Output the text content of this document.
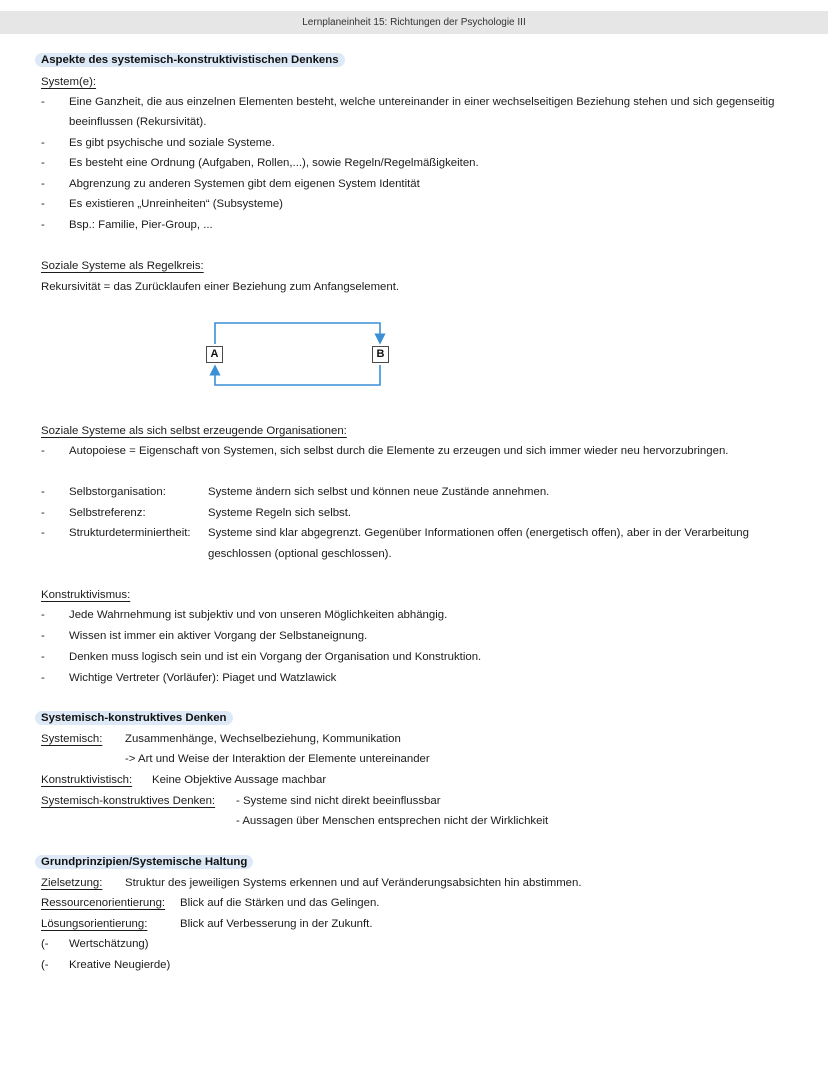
Lernplaneinheit 15: Richtungen der Psychologie III
Aspekte des systemisch-konstruktivistischen Denkens
System(e):
- Eine Ganzheit, die aus einzelnen Elementen besteht, welche untereinander in einer wechselseitigen Beziehung stehen und sich gegenseitig
beeinflussen (Rekursivität).
- Es gibt psychische und soziale Systeme.
- Es besteht eine Ordnung (Aufgaben, Rollen,...), sowie Regeln/Regelmäßigkeiten.
- Abgrenzung zu anderen Systemen gibt dem eigenen System Identität
- Es existieren „Unreinheiten“ (Subsysteme)
- Bsp.: Familie, Pier-Group, ...
Soziale Systeme als Regelkreis:
Rekursivität = das Zurücklaufen einer Beziehung zum Anfangselement.
A	B
Soziale Systeme als sich selbst erzeugende Organisationen:
- Autopoiese = Eigenschaft von Systemen, sich selbst durch die Elemente zu erzeugen und sich immer wieder neu hervorzubringen.
- Selbstorganisation:	Systeme ändern sich selbst und können neue Zustände annehmen.
- Selbstreferenz:	Systeme Regeln sich selbst.
- Strukturdeterminiertheit: Systeme sind klar abgegrenzt. Gegenüber Informationen offen (energetisch offen), aber in der Verarbeitung
geschlossen (optional geschlossen).
Konstruktivismus:
- Jede Wahrnehmung ist subjektiv und von unseren Möglichkeiten abhängig.
- Wissen ist immer ein aktiver Vorgang der Selbstaneignung.
- Denken muss logisch sein und ist ein Vorgang der Organisation und Konstruktion.
- Wichtige Vertreter (Vorläufer): Piaget und Watzlawick
Systemisch-konstruktives Denken
Systemisch: Zusammenhänge, Wechselbeziehung, Kommunikation
-> Art und Weise der Interaktion der Elemente untereinander
Konstruktivistisch: Keine Objektive Aussage machbar
Systemisch-konstruktives Denken: - Systeme sind nicht direkt beeinflussbar
- Aussagen über Menschen entsprechen nicht der Wirklichkeit
Grundprinzipien/Systemische Haltung
Zielsetzung: Struktur des jeweiligen Systems erkennen und auf Veränderungsabsichten hin abstimmen.
Ressourcenorientierung: Blick auf die Stärken und das Gelingen.
Lösungsorientierung:	Blick auf Verbesserung in der Zukunft.
(- Wertschätzung)
(- Kreative Neugierde)
